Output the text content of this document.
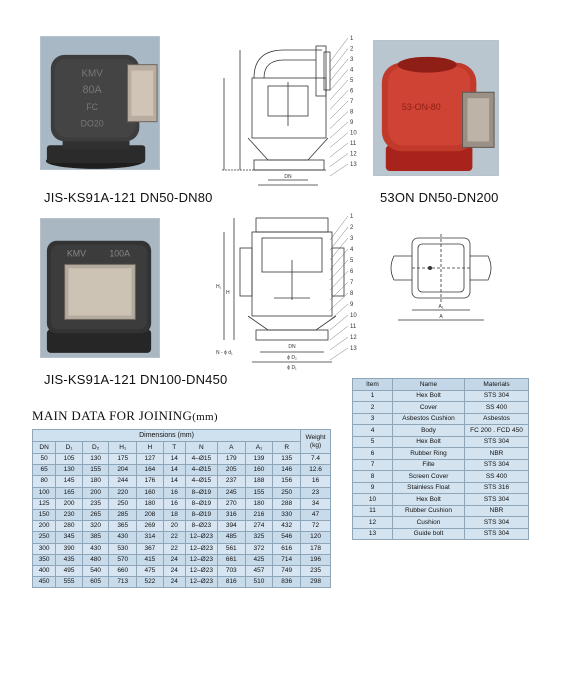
KMV
80A
FC
DO20
1
2
3
4
5
6
7
8
9
10
11
12
13
DN
53-ON-80
JIS-KS91A-121 DN50-DN80	53ON DN50-DN200
KMV	100A
DN
N - ϕ d₁
ϕ D₂
ϕ D₁
H
H₁
1
2
3
4
5
6
7
8
9
10
11
12
13
A₁
A
JIS-KS91A-121 DN100-DN450	Item	Name	Materials
1	Hex Bolt	STS 304
2	Cover	SS 400
3	Asbestos Cushion	Asbestos
4	Body	FC 200 . FCD 450
5	Hex Bolt	STS 304
6	Rubber Ring	NBR
7	Filte	STS 304
8	Screen Cover	SS 400
9	Stainless Float	STS 316
10	Hex Bolt	STS 304
11	Rubber Cushion	NBR
12	Cushion	STS 304
13	Guide bolt	STS 304
MAIN DATA FOR JOINING(mm)
Dimensions (mm)										Weight (kg)
DN	D₁	D₂	H₁	H	T	N	A	A₁	R	
50	105	130	175	127	14	4–Ø15	179	139	135	7.4
65	130	155	204	164	14	4–Ø15	205	160	146	12.6
80	145	180	244	176	14	4–Ø15	237	188	156	16
100	165	200	220	160	16	8–Ø19	245	155	250	23
125	200	235	250	180	16	8–Ø19	270	180	288	34
150	230	265	285	208	18	8–Ø19	316	216	330	47
200	280	320	365	269	20	8–Ø23	394	274	432	72
250	345	385	430	314	22	12–Ø23	485	325	546	120
300	390	430	530	367	22	12–Ø23	561	372	616	178
350	435	480	570	415	24	12–Ø23	661	425	714	196
400	495	540	660	475	24	12–Ø23	703	457	749	235
450	555	605	713	522	24	12–Ø23	816	510	836	298
